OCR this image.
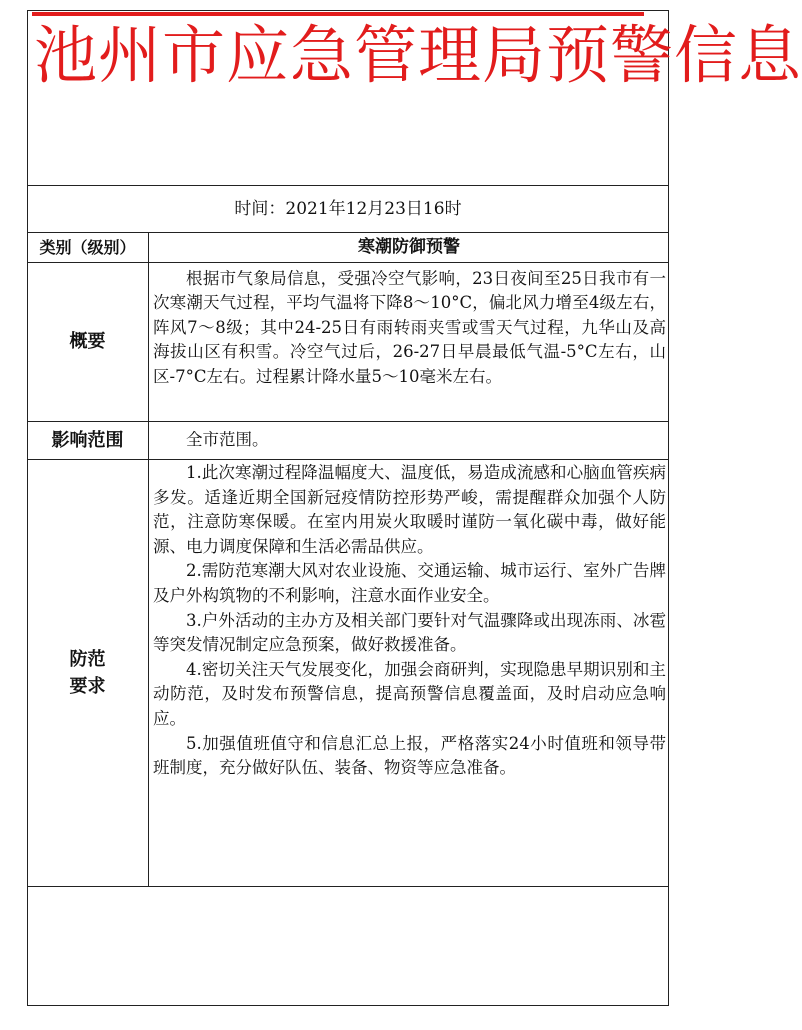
池州市应急管理局预警信息
时间：2021年12月23日16时
类别（级别）	寒潮防御预警
概要

根据市气象局信息，受强冷空气影响，23日夜间至25日我市有一次寒潮天气过程，平均气温将下降8～10°C，偏北风力增至4级左右，阵风7～8级；其中24-25日有雨转雨夹雪或雪天气过程，九华山及高海拔山区有积雪。冷空气过后，26-27日早晨最低气温-5°C左右，山区-7°C左右。过程累计降水量5～10毫米左右。

影响范围	全市范围。

防范要求

1.此次寒潮过程降温幅度大、温度低，易造成流感和心脑血管疾病多发。适逢近期全国新冠疫情防控形势严峻，需提醒群众加强个人防范，注意防寒保暖。在室内用炭火取暖时谨防一氧化碳中毒，做好能源、电力调度保障和生活必需品供应。

2.需防范寒潮大风对农业设施、交通运输、城市运行、室外广告牌及户外构筑物的不利影响，注意水面作业安全。

3.户外活动的主办方及相关部门要针对气温骤降或出现冻雨、冰雹等突发情况制定应急预案，做好救援准备。

4.密切关注天气发展变化，加强会商研判，实现隐患早期识别和主动防范，及时发布预警信息，提高预警信息覆盖面，及时启动应急响应。

5.加强值班值守和信息汇总上报，严格落实24小时值班和领导带班制度，充分做好队伍、装备、物资等应急准备。
